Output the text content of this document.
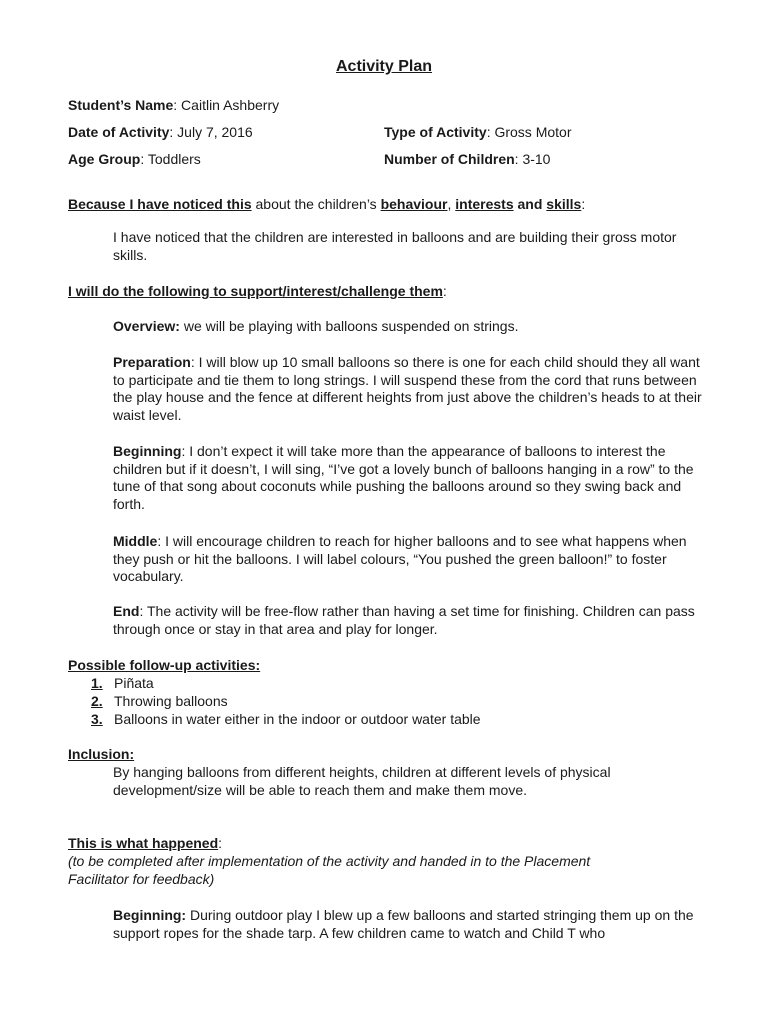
Activity Plan
Student’s Name: Caitlin Ashberry
Date of Activity: July 7, 2016	Type of Activity: Gross Motor
Age Group: Toddlers	Number of Children: 3-10
Because I have noticed this about the children’s behaviour, interests and skills:
I have noticed that the children are interested in balloons and are building their gross motor skills.
I will do the following to support/interest/challenge them:
Overview: we will be playing with balloons suspended on strings.
Preparation: I will blow up 10 small balloons so there is one for each child should they all want to participate and tie them to long strings. I will suspend these from the cord that runs between the play house and the fence at different heights from just above the children’s heads to at their waist level.
Beginning: I don’t expect it will take more than the appearance of balloons to interest the children but if it doesn’t, I will sing, “I’ve got a lovely bunch of balloons hanging in a row” to the tune of that song about coconuts while pushing the balloons around so they swing back and forth.
Middle: I will encourage children to reach for higher balloons and to see what happens when they push or hit the balloons. I will label colours, “You pushed the green balloon!” to foster vocabulary.
End: The activity will be free-flow rather than having a set time for finishing. Children can pass through once or stay in that area and play for longer.
Possible follow-up activities:
1. Piñata
2. Throwing balloons
3. Balloons in water either in the indoor or outdoor water table
Inclusion:
By hanging balloons from different heights, children at different levels of physical development/size will be able to reach them and make them move.
This is what happened:
(to be completed after implementation of the activity and handed in to the Placement Facilitator for feedback)
Beginning: During outdoor play I blew up a few balloons and started stringing them up on the support ropes for the shade tarp. A few children came to watch and Child T who
